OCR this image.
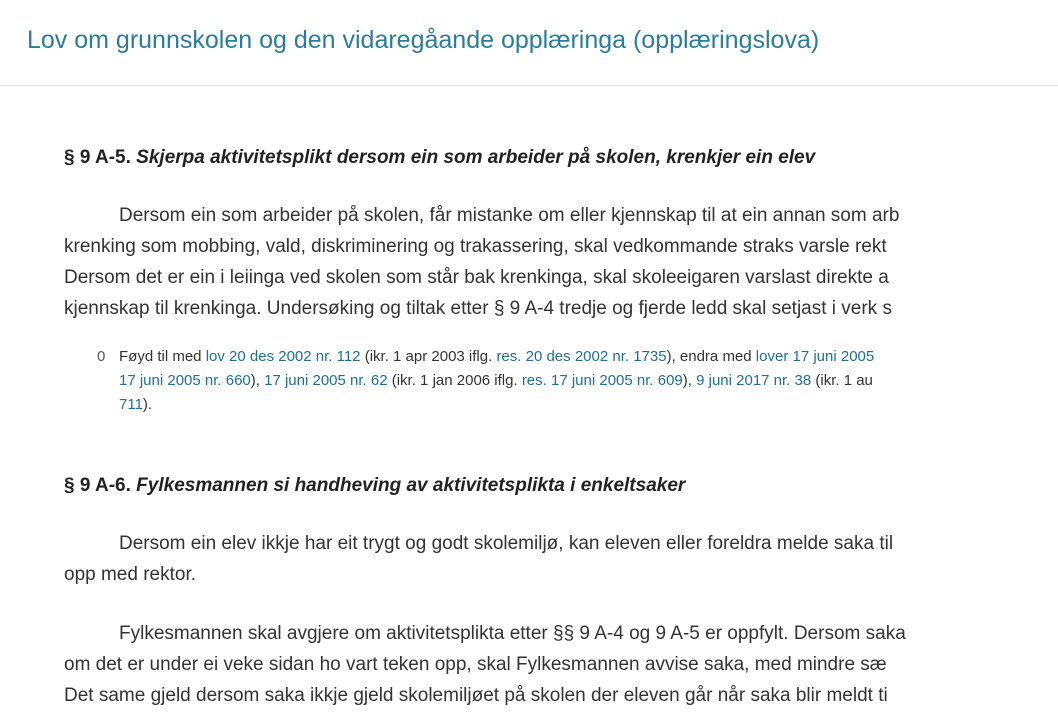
Lov om grunnskolen og den vidaregåande opplæringa (opplæringslova)
§ 9 A-5. Skjerpa aktivitetsplikt dersom ein som arbeider på skolen, krenkjer ein elev

Dersom ein som arbeider på skolen, får mistanke om eller kjennskap til at ein annan som arb
krenking som mobbing, vald, diskriminering og trakassering, skal vedkommande straks varsle rekt
Dersom det er ein i leiinga ved skolen som står bak krenkinga, skal skoleeigaren varslast direkte a
kjennskap til krenkinga. Undersøking og tiltak etter § 9 A-4 tredje og fjerde ledd skal setjast i verk s

0 Føyd til med lov 20 des 2002 nr. 112 (ikr. 1 apr 2003 iflg. res. 20 des 2002 nr. 1735), endra med lover 17 juni 2005
17 juni 2005 nr. 660), 17 juni 2005 nr. 62 (ikr. 1 jan 2006 iflg. res. 17 juni 2005 nr. 609), 9 juni 2017 nr. 38 (ikr. 1 au
711).
§ 9 A-6. Fylkesmannen si handheving av aktivitetsplikta i enkeltsaker

Dersom ein elev ikkje har eit trygt og godt skolemiljø, kan eleven eller foreldra melde saka til
opp med rektor.

Fylkesmannen skal avgjere om aktivitetsplikta etter §§ 9 A-4 og 9 A-5 er oppfylt. Dersom saka
om det er under ei veke sidan ho vart teken opp, skal Fylkesmannen avvise saka, med mindre sæ
Det same gjeld dersom saka ikkje gjeld skolemiljøet på skolen der eleven går når saka blir meldt ti
